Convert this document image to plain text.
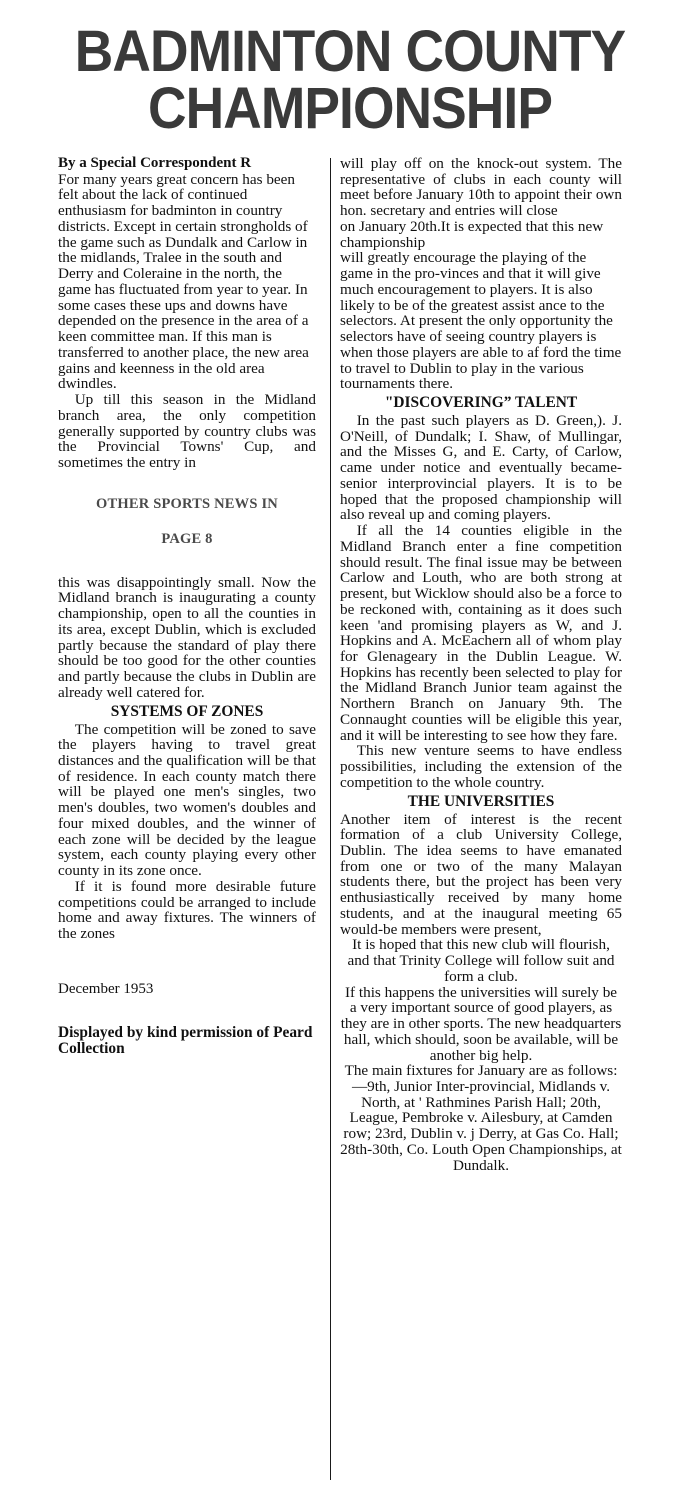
BADMINTON COUNTY
CHAMPIONSHIP

By a Special Correspondent R

For many years great concern has been felt about the lack of continued enthusiasm for badminton in country districts. Except in certain strongholds of the game such as Dundalk and Carlow in the midlands, Tralee in the south and Derry and Coleraine in the north, the game has fluctuated from year to year. In some cases these ups and downs have depended on the presence in the area of a keen committee man. If this man is transferred to another place, the new area gains and keenness in the old area dwindles.

Up till this season in the Midland branch area, the only competition generally supported by country clubs was the Provincial Towns' Cup, and sometimes the entry in

OTHER SPORTS NEWS IN

PAGE 8

this was disappointingly small. Now the Midland branch is inaugurating a county championship, open to all the counties in its area, except Dublin, which is excluded partly because the standard of play there should be too good for the other counties and partly because the clubs in Dublin are already well catered for.

SYSTEMS OF ZONES

The competition will be zoned to save the players having to travel great distances and the qualification will be that of residence. In each county match there will be played one men's singles, two men's doubles, two women's doubles and four mixed doubles, and the winner of each zone will be decided by the league system, each county playing every other county in its zone once.

If it is found more desirable future competitions could be arranged to include home and away fixtures. The winners of the zones

December 1953

Displayed by kind permission of Peard Collection

will play off on the knock-out system. The representative of clubs in each county will meet before January 10th to appoint their own hon. secretary and entries will close

on January 20th.It is expected that this new championship

will greatly encourage the playing of the game in the pro-vinces and that it will give much encouragement to players. It is also likely to be of the greatest assist ance to the selectors. At present the only opportunity the selectors have of seeing country players is when those players are able to af ford the time to travel to Dublin to play in the various tournaments there.

"DISCOVERING” TALENT

In the past such players as D. Green,). J. O'Neill, of Dundalk; I. Shaw, of Mullingar, and the Misses G, and E. Carty, of Carlow, came under notice and eventually became-senior interprovincial players. It is to be hoped that the proposed championship will also reveal up and coming players.

If all the 14 counties eligible in the Midland Branch enter a fine competition should result. The final issue may be between Carlow and Louth, who are both strong at present, but Wicklow should also be a force to be reckoned with, containing as it does such keen 'and promising players as W, and J. Hopkins and A. McEachern all of whom play for Glenageary in the Dublin League. W. Hopkins has recently been selected to play for the Midland Branch Junior team against the Northern Branch on January 9th. The Connaught counties will be eligible this year, and it will be interesting to see how they fare.

This new venture seems to have endless possibilities, including the extension of the competition to the whole country.

THE UNIVERSITIES

Another item of interest is the recent formation of a club University College, Dublin. The idea seems to have emanated from one or two of the many Malayan students there, but the project has been very enthusiastically received by many home students, and at the inaugural meeting 65 would-be members were present,

It is hoped that this new club will flourish, and that Trinity College will follow suit and form a club.

If this happens the universities will surely be a very important source of good players, as they are in other sports. The new headquarters hall, which should, soon be available, will be another big help.

The main fixtures for January are as follows: —9th, Junior Inter-provincial, Midlands v. North, at ' Rathmines Parish Hall; 20th, League, Pembroke v. Ailesbury, at Camden row; 23rd, Dublin v. j Derry, at Gas Co. Hall; 28th-30th, Co. Louth Open Championships, at Dundalk.
